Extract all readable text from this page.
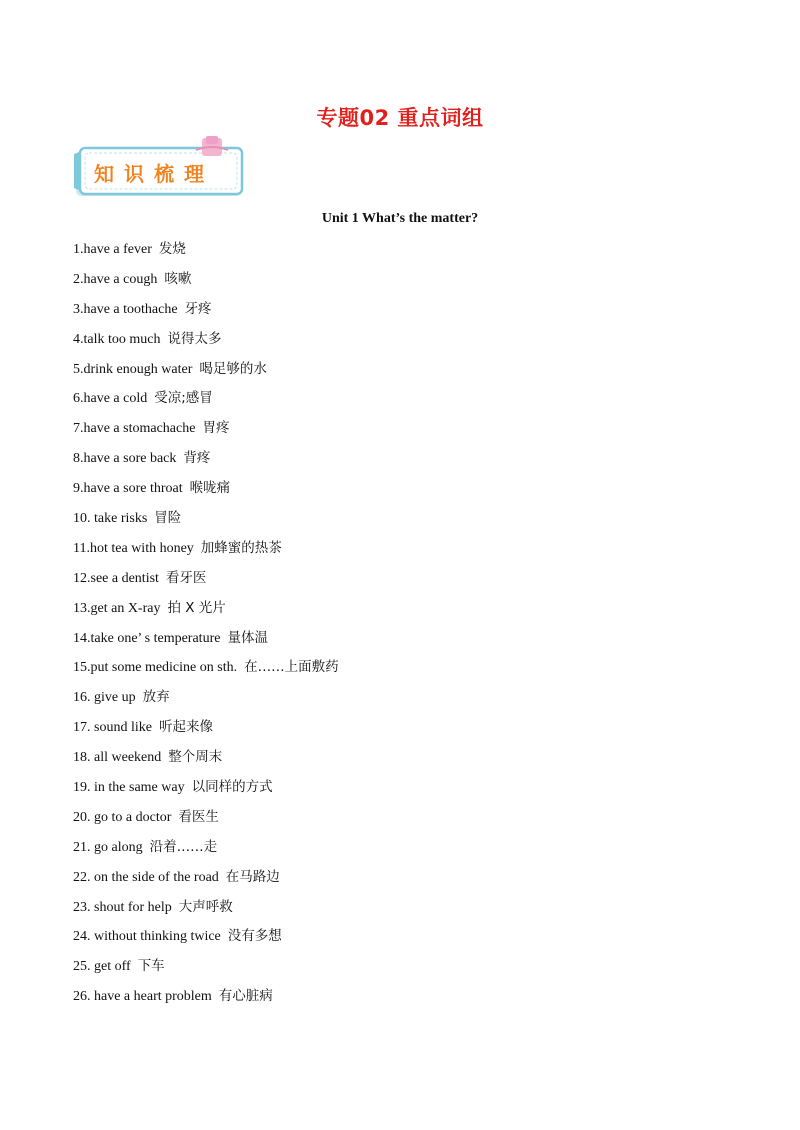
专题02 重点词组
知识梳理
Unit 1 What’s the matter?
1.have a fever 发烧
2.have a cough 咳嗽
3.have a toothache 牙疼
4.talk too much 说得太多
5.drink enough water 喝足够的水
6.have a cold 受凉;感冒
7.have a stomachache 胃疼
8.have a sore back 背疼
9.have a sore throat 喉咙痛
10. take risks 冒险
11.hot tea with honey 加蜂蜜的热茶
12.see a dentist 看牙医
13.get an X-ray 拍 X 光片
14.take one’ s temperature 量体温
15.put some medicine on sth. 在……上面敷药
16. give up 放弃
17. sound like 听起来像
18. all weekend 整个周末
19. in the same way 以同样的方式
20. go to a doctor 看医生
21. go along 沿着……走
22. on the side of the road 在马路边
23. shout for help 大声呼救
24. without thinking twice 没有多想
25. get off 下车
26. have a heart problem 有心脏病
